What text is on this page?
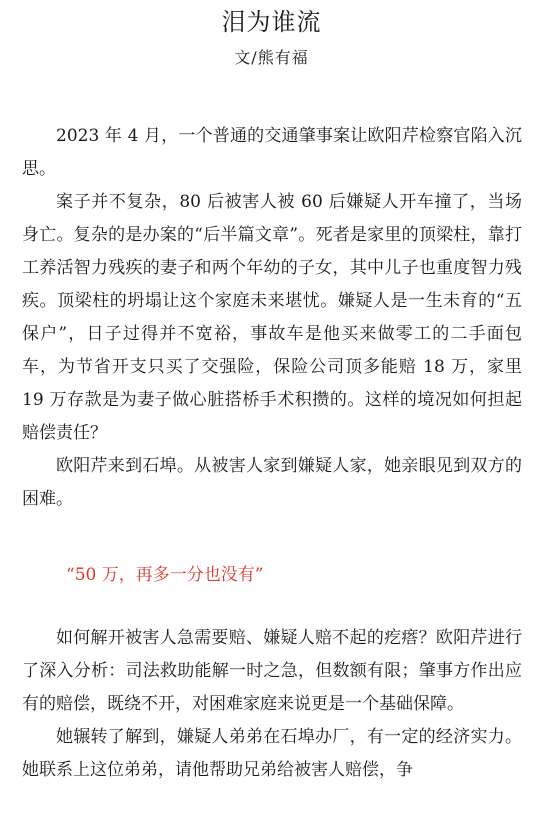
泪为谁流
文/熊有福

2023 年 4 月，一个普通的交通肇事案让欧阳芹检察官陷入沉思。

案子并不复杂，80 后被害人被 60 后嫌疑人开车撞了，当场身亡。复杂的是办案的“后半篇文章”。死者是家里的顶梁柱，靠打工养活智力残疾的妻子和两个年幼的子女，其中儿子也重度智力残疾。顶梁柱的坍塌让这个家庭未来堪忧。嫌疑人是一生未育的“五保户”，日子过得并不宽裕，事故车是他买来做零工的二手面包车，为节省开支只买了交强险，保险公司顶多能赔 18 万，家里 19 万存款是为妻子做心脏搭桥手术积攒的。这样的境况如何担起赔偿责任？

欧阳芹来到石埠。从被害人家到嫌疑人家，她亲眼见到双方的困难。

“50 万，再多一分也没有”

如何解开被害人急需要赔、嫌疑人赔不起的疙瘩？欧阳芹进行了深入分析：司法救助能解一时之急，但数额有限；肇事方作出应有的赔偿，既绕不开，对困难家庭来说更是一个基础保障。

她辗转了解到，嫌疑人弟弟在石埠办厂，有一定的经济实力。她联系上这位弟弟，请他帮助兄弟给被害人赔偿，争
